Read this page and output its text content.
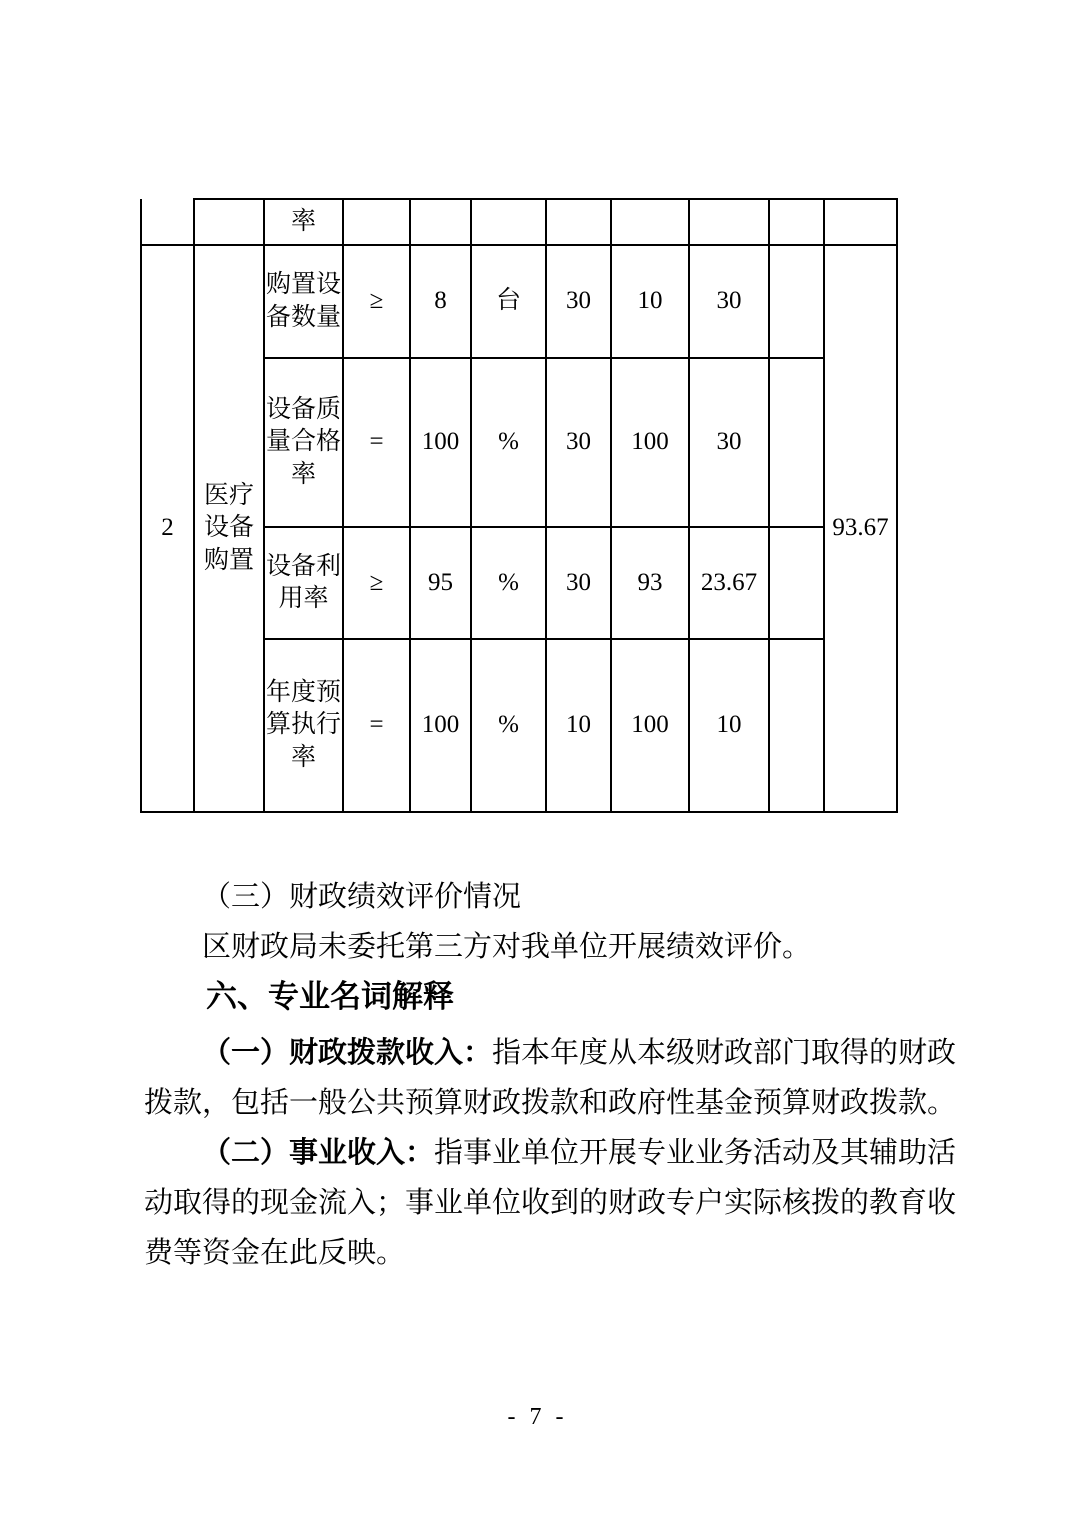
		率								
2	医疗设备购置	购置设备数量	≥	8	台	30	10	30		93.67
		设备质量合格率	=	100	%	30	100	30		
		设备利用率	≥	95	%	30	93	23.67		
		年度预算执行率	=	100	%	10	100	10		

（三）财政绩效评价情况

区财政局未委托第三方对我单位开展绩效评价。

六、专业名词解释

（一）财政拨款收入：指本年度从本级财政部门取得的财政拨款，包括一般公共预算财政拨款和政府性基金预算财政拨款。

（二）事业收入：指事业单位开展专业业务活动及其辅助活动取得的现金流入；事业单位收到的财政专户实际核拨的教育收费等资金在此反映。

- 7 -
